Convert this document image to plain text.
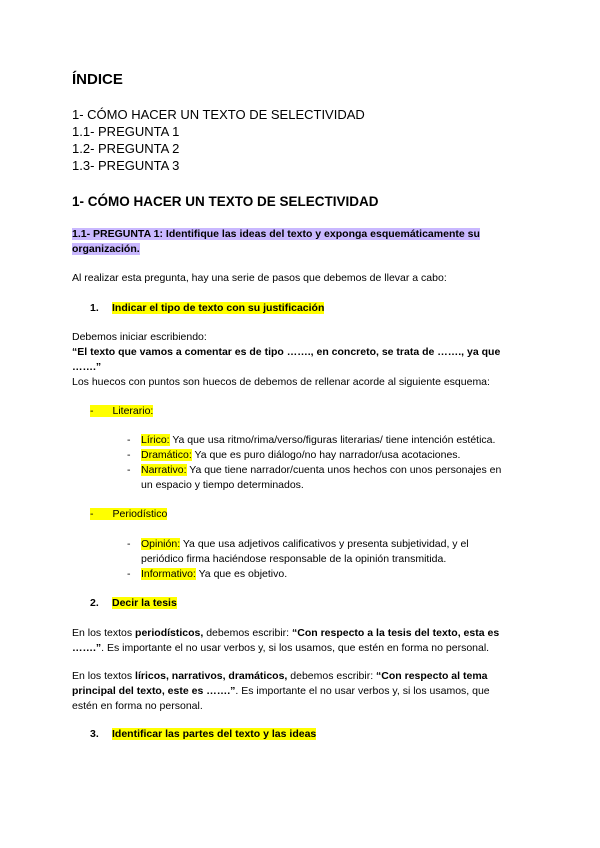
ÍNDICE
1- CÓMO HACER UN TEXTO DE SELECTIVIDAD
1.1- PREGUNTA 1
1.2- PREGUNTA 2
1.3- PREGUNTA 3
1- CÓMO HACER UN TEXTO DE SELECTIVIDAD
1.1- PREGUNTA 1: Identifique las ideas del texto y exponga esquemáticamente su
organización.
Al realizar esta pregunta, hay una serie de pasos que debemos de llevar a cabo:
1. Indicar el tipo de texto con su justificación
Debemos iniciar escribiendo:
“El texto que vamos a comentar es de tipo ……., en concreto, se trata de ……., ya que
…….”
Los huecos con puntos son huecos de debemos de rellenar acorde al siguiente esquema:
- Literario:
- Lírico: Ya que usa ritmo/rima/verso/figuras literarias/ tiene intención estética.
- Dramático: Ya que es puro diálogo/no hay narrador/usa acotaciones.
- Narrativo: Ya que tiene narrador/cuenta unos hechos con unos personajes en
un espacio y tiempo determinados.
- Periodístico
- Opinión: Ya que usa adjetivos calificativos y presenta subjetividad, y el
periódico firma haciéndose responsable de la opinión transmitida.
- Informativo: Ya que es objetivo.
2. Decir la tesis
En los textos periodísticos, debemos escribir: “Con respecto a la tesis del texto, esta es
…….”. Es importante el no usar verbos y, si los usamos, que estén en forma no personal.
En los textos líricos, narrativos, dramáticos, debemos escribir: “Con respecto al tema
principal del texto, este es …….”. Es importante el no usar verbos y, si los usamos, que
estén en forma no personal.
3. Identificar las partes del texto y las ideas
